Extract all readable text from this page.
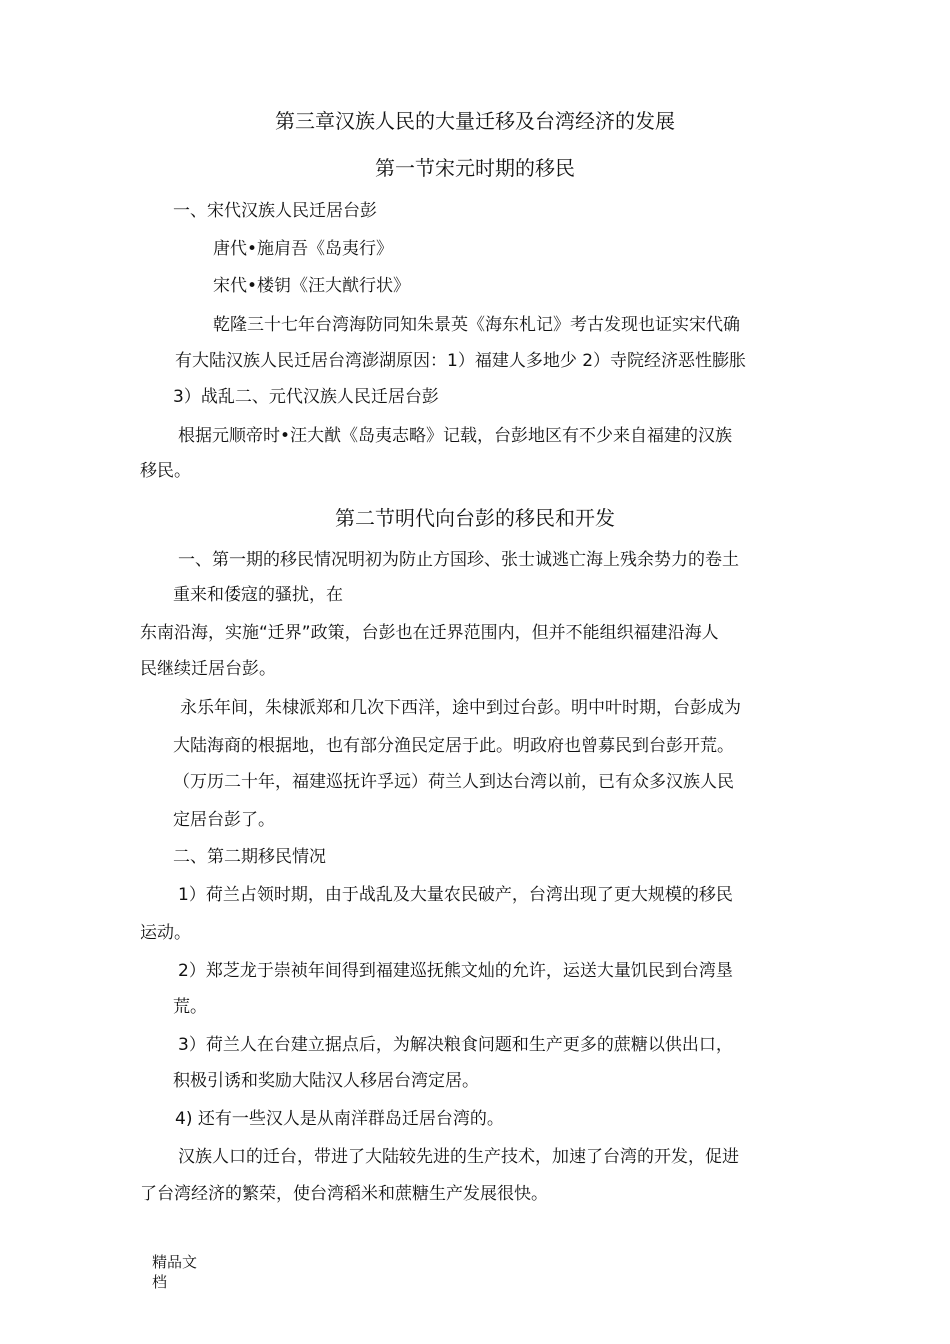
第三章汉族人民的大量迁移及台湾经济的发展
第一节宋元时期的移民
一、宋代汉族人民迁居台彭
唐代•施肩吾《岛夷行》
宋代•楼钥《汪大猷行状》
乾隆三十七年台湾海防同知朱景英《海东札记》考古发现也证实宋代确
有大陆汉族人民迁居台湾澎湖原因：1）福建人多地少 2）寺院经济恶性膨胀
3）战乱二、元代汉族人民迁居台彭
根据元顺帝时•汪大猷《岛夷志略》记载，台彭地区有不少来自福建的汉族
移民。
第二节明代向台彭的移民和开发
一、第一期的移民情况明初为防止方国珍、张士诚逃亡海上残余势力的卷土
重来和倭寇的骚扰，在
东南沿海，实施“迁界”政策，台彭也在迁界范围内，但并不能组织福建沿海人
民继续迁居台彭。
永乐年间，朱棣派郑和几次下西洋，途中到过台彭。明中叶时期，台彭成为
大陆海商的根据地，也有部分渔民定居于此。明政府也曾募民到台彭开荒。
（万历二十年，福建巡抚许孚远）荷兰人到达台湾以前，已有众多汉族人民
定居台彭了。
二、第二期移民情况
1）荷兰占领时期，由于战乱及大量农民破产，台湾出现了更大规模的移民
运动。
2）郑芝龙于崇祯年间得到福建巡抚熊文灿的允许，运送大量饥民到台湾垦
荒。
3）荷兰人在台建立据点后，为解决粮食问题和生产更多的蔗糖以供出口，
积极引诱和奖励大陆汉人移居台湾定居。
4) 还有一些汉人是从南洋群岛迁居台湾的。
汉族人口的迁台，带进了大陆较先进的生产技术，加速了台湾的开发，促进
了台湾经济的繁荣，使台湾稻米和蔗糖生产发展很快。
精品文
档
